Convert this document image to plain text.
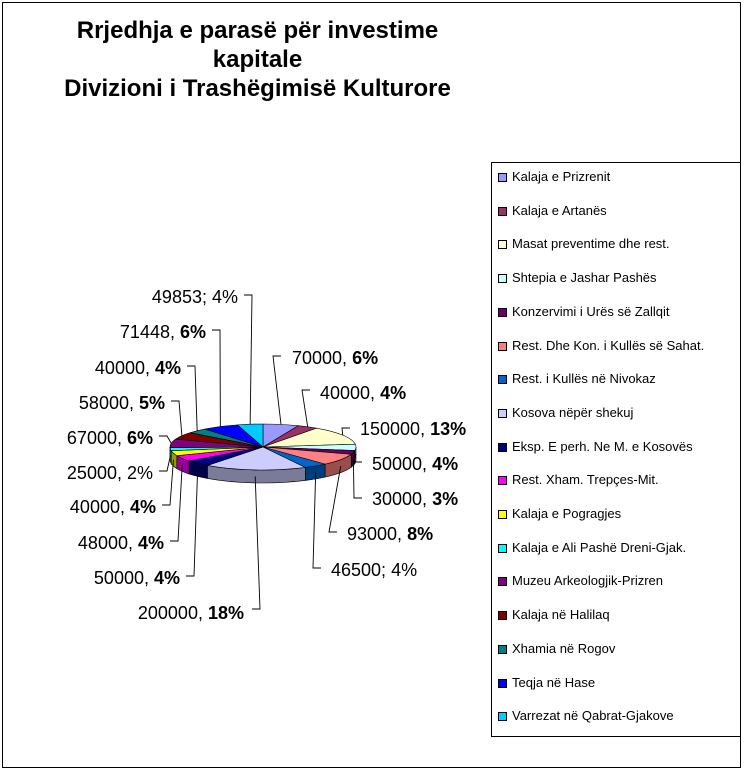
Rrjedhja e parasë për investime
kapitale
Divizioni i Trashëgimisë Kulturore
70000, 6%
40000, 4%
150000, 13%
50000, 4%
30000, 3%
93000, 8%
46500; 4%
200000, 18%
50000, 4%
48000, 4%
40000, 4%
25000, 2%
67000, 6%
58000, 5%
40000, 4%
71448, 6%
49853; 4%
Kalaja e Prizrenit
Kalaja e Artanës
Masat preventime dhe rest.
Shtepia e Jashar Pashës
Konzervimi i Urës së Zallqit
Rest. Dhe Kon. i Kullës së Sahat.
Rest. i Kullës në Nivokaz
Kosova nëpër shekuj
Eksp. E perh. Ne M. e Kosovës
Rest. Xham. Trepçes-Mit.
Kalaja e Pogragjes
Kalaja e Ali Pashë Dreni-Gjak.
Muzeu Arkeologjik-Prizren
Kalaja në Halilaq
Xhamia në Rogov
Teqja në Hase
Varrezat në Qabrat-Gjakove
